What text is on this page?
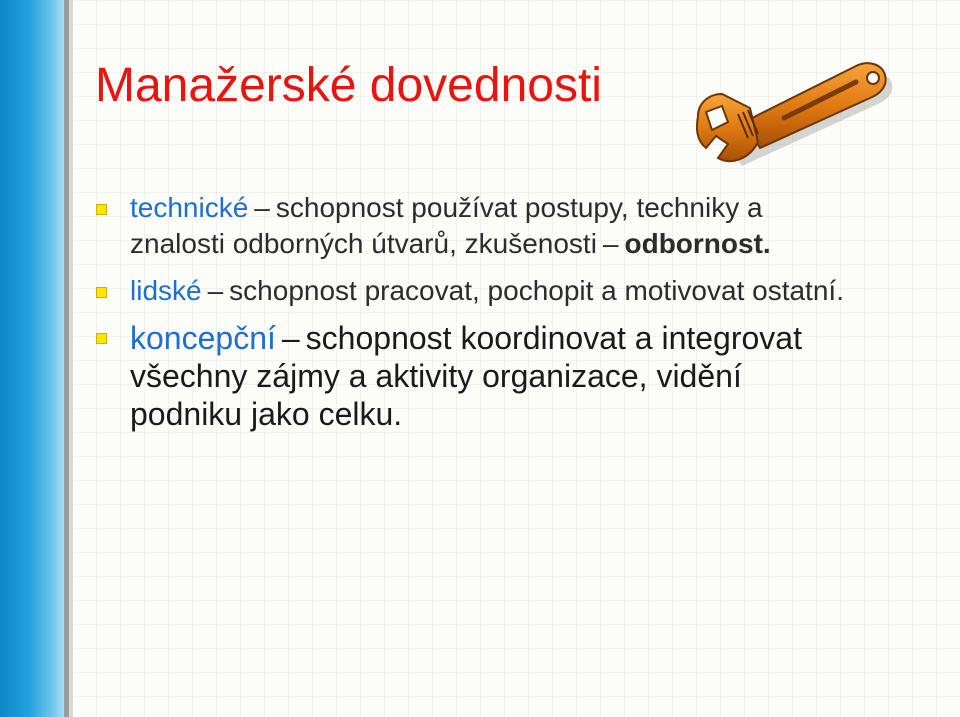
Manažerské dovednosti
technické – schopnost používat postupy, techniky a znalosti odborných útvarů, zkušenosti – odbornost.
lidské – schopnost pracovat, pochopit a motivovat ostatní.
koncepční – schopnost koordinovat a integrovat všechny zájmy a aktivity organizace, vidění podniku jako celku.
